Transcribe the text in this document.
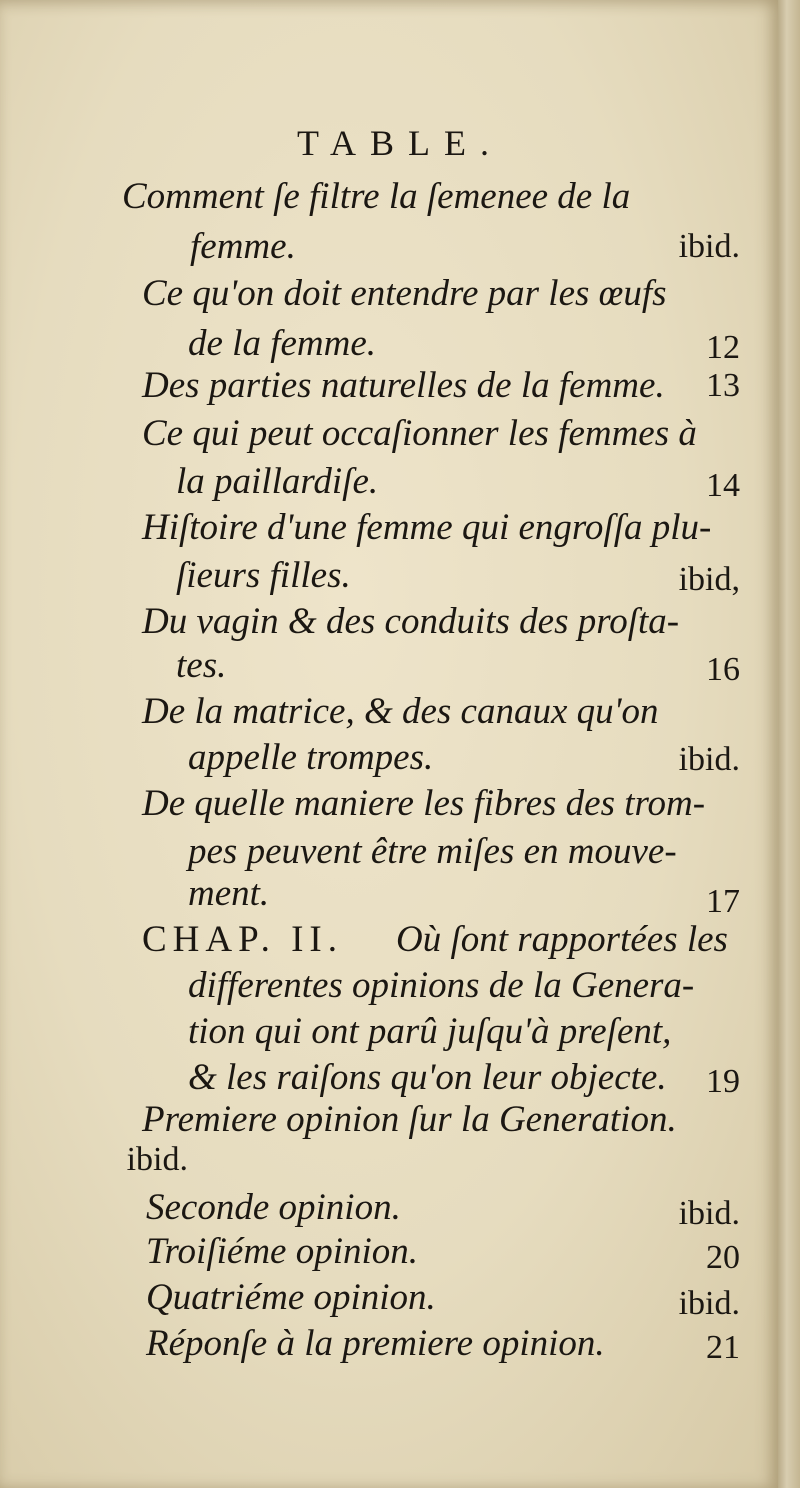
TABLE.
Comment ſe filtre la ſemenee de la
femme.	ibid.
Ce qu'on doit entendre par les œufs
de la femme.	12
Des parties naturelles de la femme.	13
Ce qui peut occaſionner les femmes à
la paillardiſe.	14
Hiſtoire d'une femme qui engroſſa plu-
ſieurs filles.	ibid,
Du vagin & des conduits des proſta-
tes.	16
De la matrice, & des canaux qu'on
appelle trompes.	ibid.
De quelle maniere les fibres des trom-
pes peuvent être miſes en mouve-
ment.	17
CHAP. II. Où ſont rapportées les
differentes opinions de la Genera-
tion qui ont parû juſqu'à preſent,
& les raiſons qu'on leur objecte.	19
Premiere opinion ſur la Generation.
ibid.
Seconde opinion.	ibid.
Troiſiéme opinion.	20
Quatriéme opinion.	ibid.
Réponſe à la premiere opinion.	21
